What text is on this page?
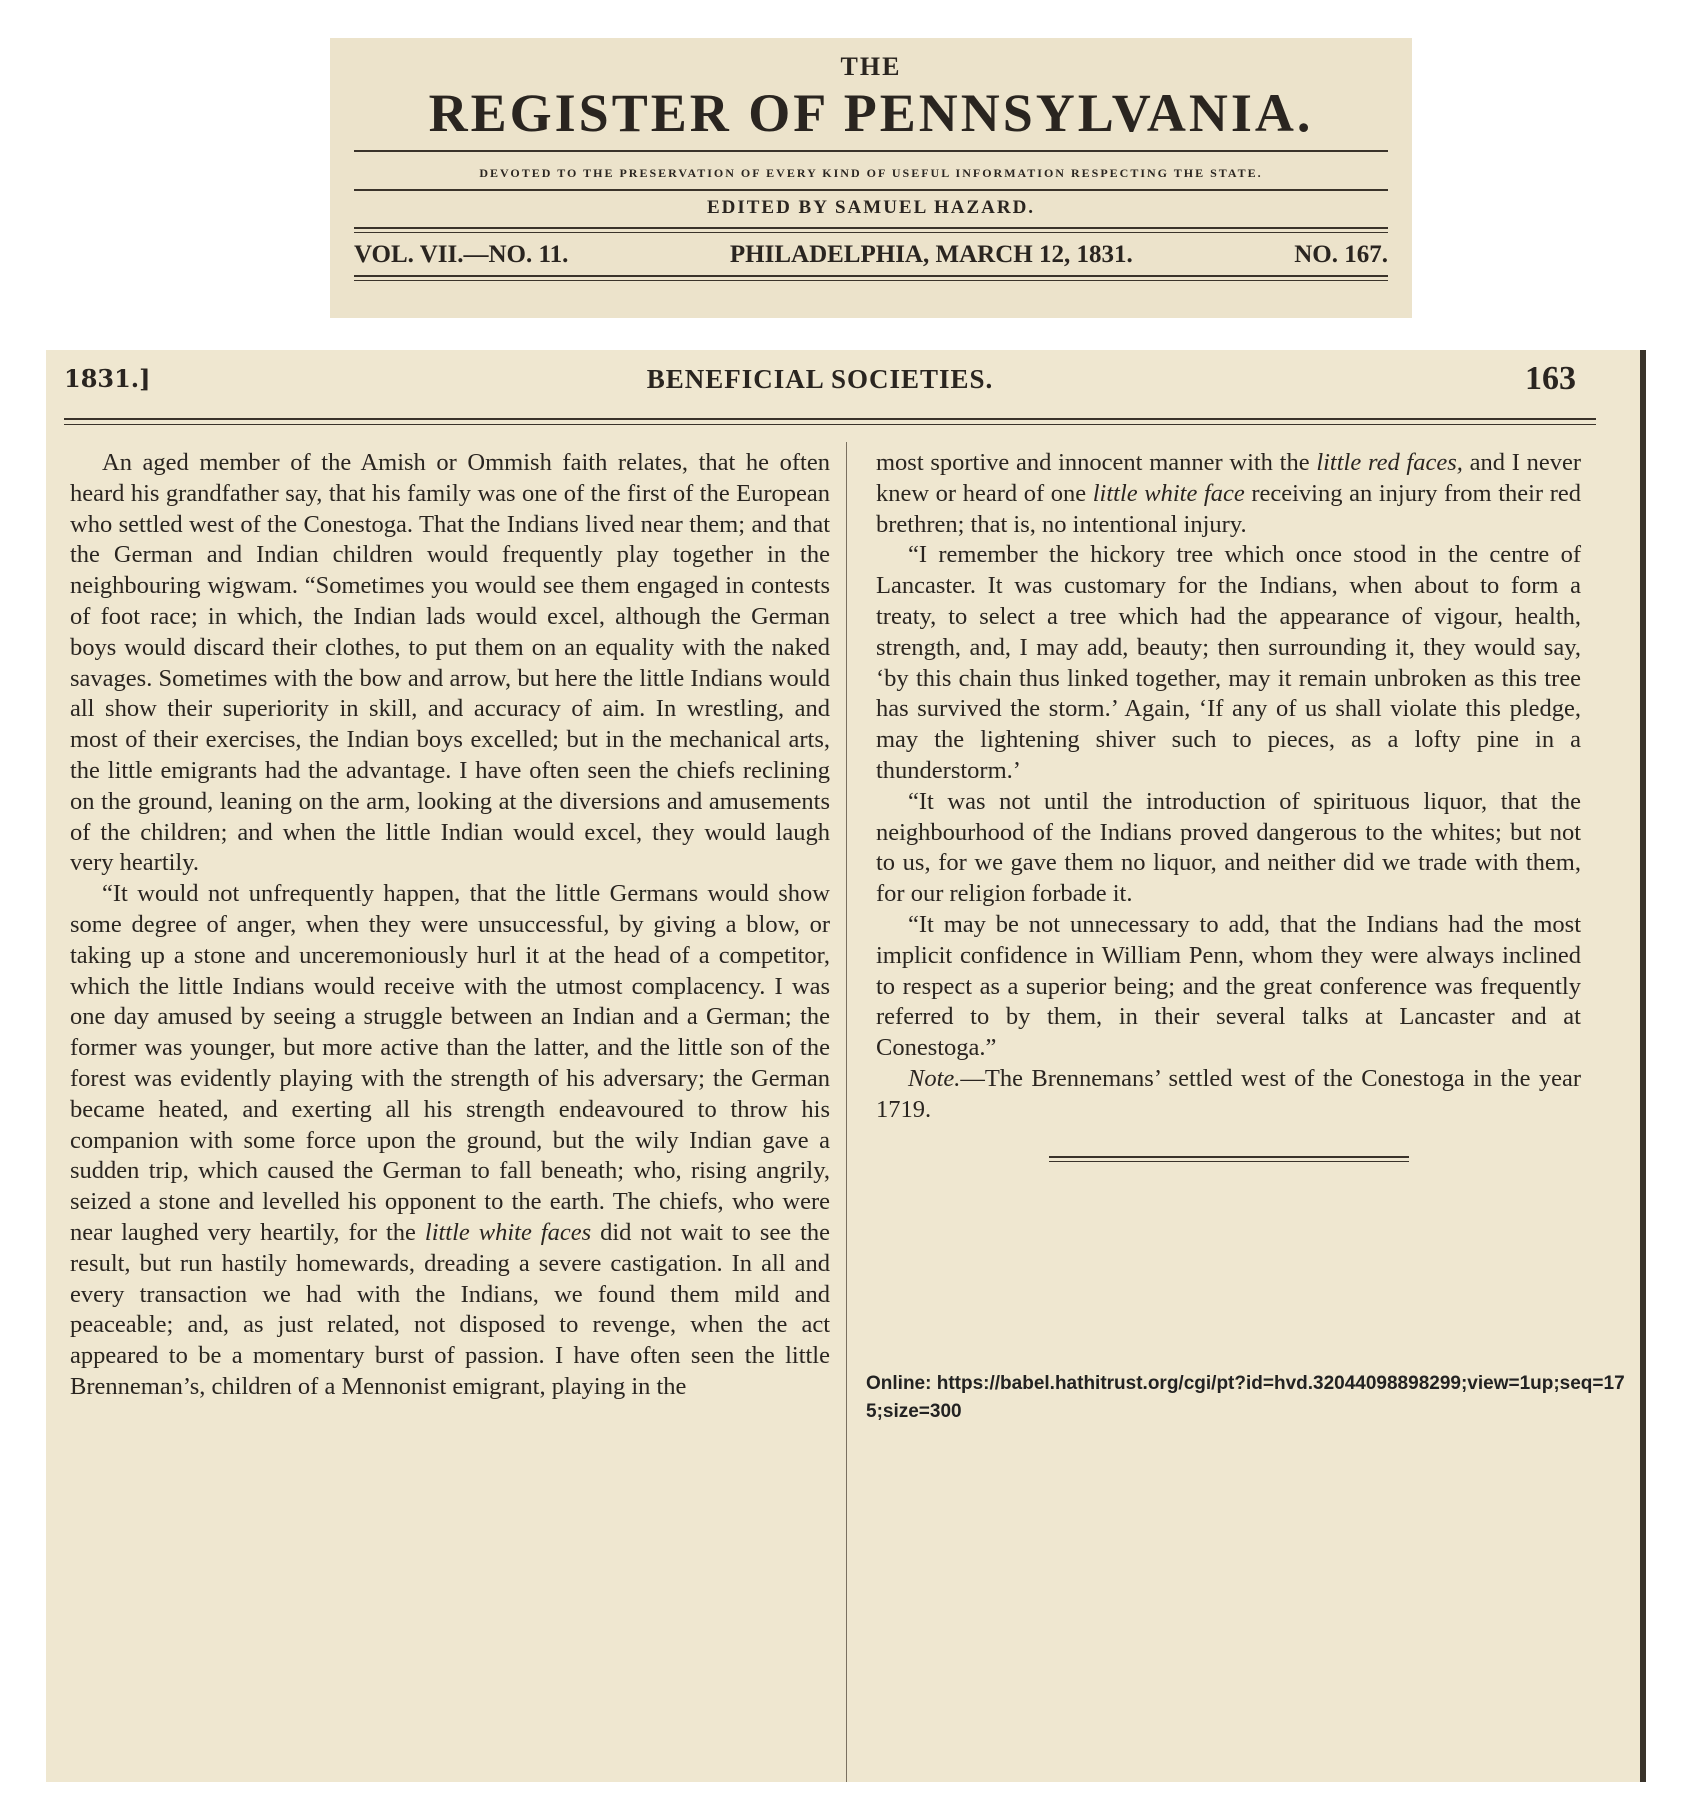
THE
REGISTER OF PENNSYLVANIA.
DEVOTED TO THE PRESERVATION OF EVERY KIND OF USEFUL INFORMATION RESPECTING THE STATE.
EDITED BY SAMUEL HAZARD.
VOL. VII.—NO. 11.	PHILADELPHIA, MARCH 12, 1831.	NO. 167.
1831.]	BENEFICIAL SOCIETIES.	163

An aged member of the Amish or Ommish faith relates, that he often heard his grandfather say, that his family was one of the first of the European who settled west of the Conestoga. That the Indians lived near them; and that the German and Indian children would frequently play together in the neighbouring wigwam. “Sometimes you would see them engaged in contests of foot race; in which, the Indian lads would excel, although the German boys would discard their clothes, to put them on an equality with the naked savages. Sometimes with the bow and arrow, but here the little Indians would all show their superiority in skill, and accuracy of aim. In wrestling, and most of their exercises, the Indian boys excelled; but in the mechanical arts, the little emigrants had the advantage. I have often seen the chiefs reclining on the ground, leaning on the arm, looking at the diversions and amusements of the children; and when the little Indian would excel, they would laugh very heartily.

“It would not unfrequently happen, that the little Germans would show some degree of anger, when they were unsuccessful, by giving a blow, or taking up a stone and unceremoniously hurl it at the head of a competitor, which the little Indians would receive with the utmost complacency. I was one day amused by seeing a struggle between an Indian and a German; the former was younger, but more active than the latter, and the little son of the forest was evidently playing with the strength of his adversary; the German became heated, and exerting all his strength endeavoured to throw his companion with some force upon the ground, but the wily Indian gave a sudden trip, which caused the German to fall beneath; who, rising angrily, seized a stone and levelled his opponent to the earth. The chiefs, who were near laughed very heartily, for the little white faces did not wait to see the result, but run hastily homewards, dreading a severe castigation. In all and every transaction we had with the Indians, we found them mild and peaceable; and, as just related, not disposed to revenge, when the act appeared to be a momentary burst of passion. I have often seen the little Brenneman’s, children of a Mennonist emigrant, playing in the

most sportive and innocent manner with the little red faces, and I never knew or heard of one little white face receiving an injury from their red brethren; that is, no intentional injury.

“I remember the hickory tree which once stood in the centre of Lancaster. It was customary for the Indians, when about to form a treaty, to select a tree which had the appearance of vigour, health, strength, and, I may add, beauty; then surrounding it, they would say, ‘by this chain thus linked together, may it remain unbroken as this tree has survived the storm.’ Again, ‘If any of us shall violate this pledge, may the lightening shiver such to pieces, as a lofty pine in a thunderstorm.’

“It was not until the introduction of spirituous liquor, that the neighbourhood of the Indians proved dangerous to the whites; but not to us, for we gave them no liquor, and neither did we trade with them, for our religion forbade it.

“It may be not unnecessary to add, that the Indians had the most implicit confidence in William Penn, whom they were always inclined to respect as a superior being; and the great conference was frequently referred to by them, in their several talks at Lancaster and at Conestoga.”

Note.—The Brennemans’ settled west of the Conestoga in the year 1719.

Online: https://babel.hathitrust.org/cgi/pt?id=hvd.32044098898299;view=1up;seq=175;size=300
